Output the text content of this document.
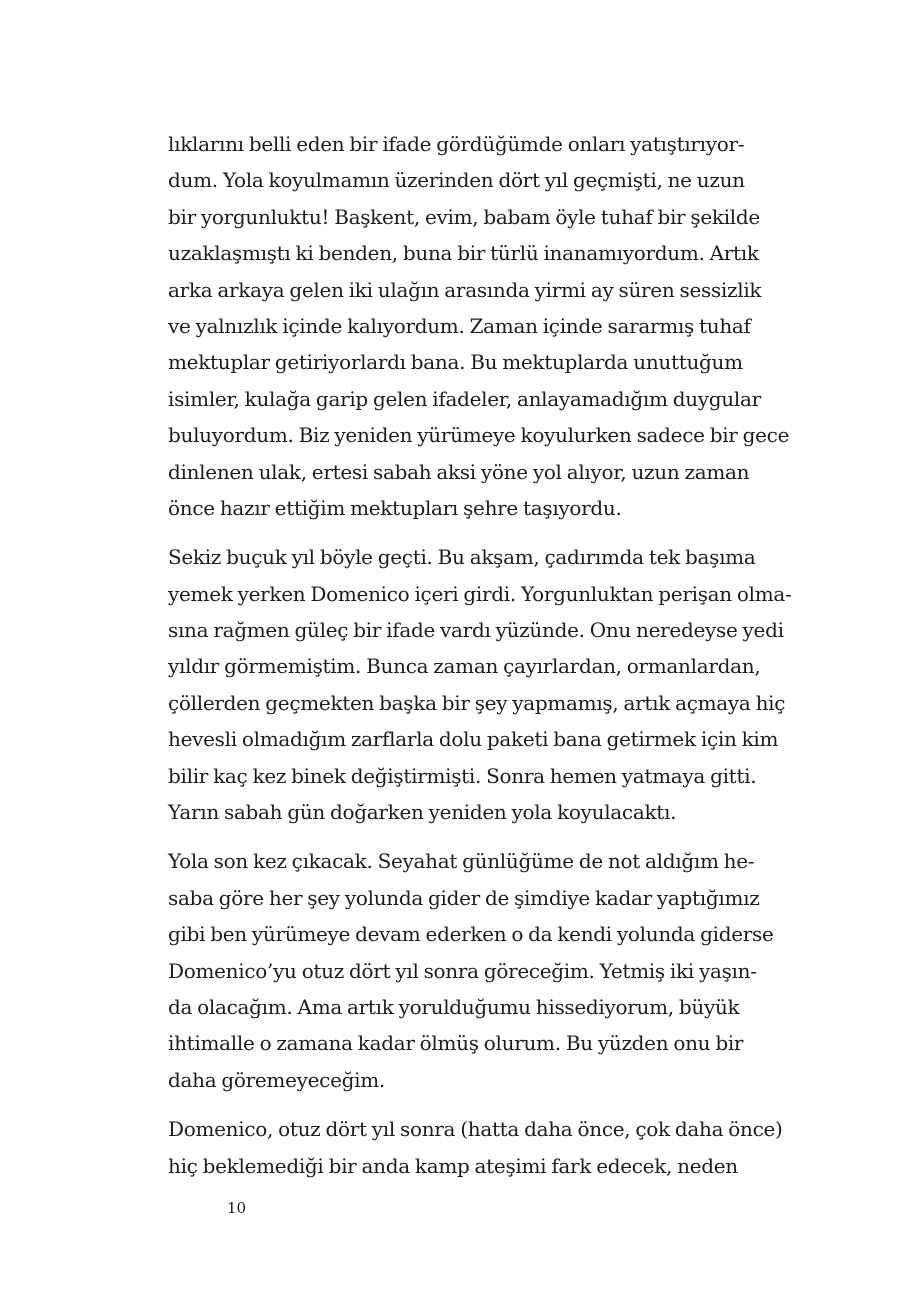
lıklarını belli eden bir ifade gördüğümde onları yatıştırıyor-
dum. Yola koyulmamın üzerinden dört yıl geçmişti, ne uzun
bir yorgunluktu! Başkent, evim, babam öyle tuhaf bir şekilde
uzaklaşmıştı ki benden, buna bir türlü inanamıyordum. Artık
arka arkaya gelen iki ulağın arasında yirmi ay süren sessizlik
ve yalnızlık içinde kalıyordum. Zaman içinde sararmış tuhaf
mektuplar getiriyorlardı bana. Bu mektuplarda unuttuğum
isimler, kulağa garip gelen ifadeler, anlayamadığım duygular
buluyordum. Biz yeniden yürümeye koyulurken sadece bir gece
dinlenen ulak, ertesi sabah aksi yöne yol alıyor, uzun zaman
önce hazır ettiğim mektupları şehre taşıyordu.
Sekiz buçuk yıl böyle geçti. Bu akşam, çadırımda tek başıma
yemek yerken Domenico içeri girdi. Yorgunluktan perişan olma-
sına rağmen güleç bir ifade vardı yüzünde. Onu neredeyse yedi
yıldır görmemiştim. Bunca zaman çayırlardan, ormanlardan,
çöllerden geçmekten başka bir şey yapmamış, artık açmaya hiç
hevesli olmadığım zarflarla dolu paketi bana getirmek için kim
bilir kaç kez binek değiştirmişti. Sonra hemen yatmaya gitti.
Yarın sabah gün doğarken yeniden yola koyulacaktı.
Yola son kez çıkacak. Seyahat günlüğüme de not aldığım he-
saba göre her şey yolunda gider de şimdiye kadar yaptığımız
gibi ben yürümeye devam ederken o da kendi yolunda giderse
Domenico’yu otuz dört yıl sonra göreceğim. Yetmiş iki yaşın-
da olacağım. Ama artık yorulduğumu hissediyorum, büyük
ihtimalle o zamana kadar ölmüş olurum. Bu yüzden onu bir
daha göremeyeceğim.
Domenico, otuz dört yıl sonra (hatta daha önce, çok daha önce)
hiç beklemediği bir anda kamp ateşimi fark edecek, neden
10
